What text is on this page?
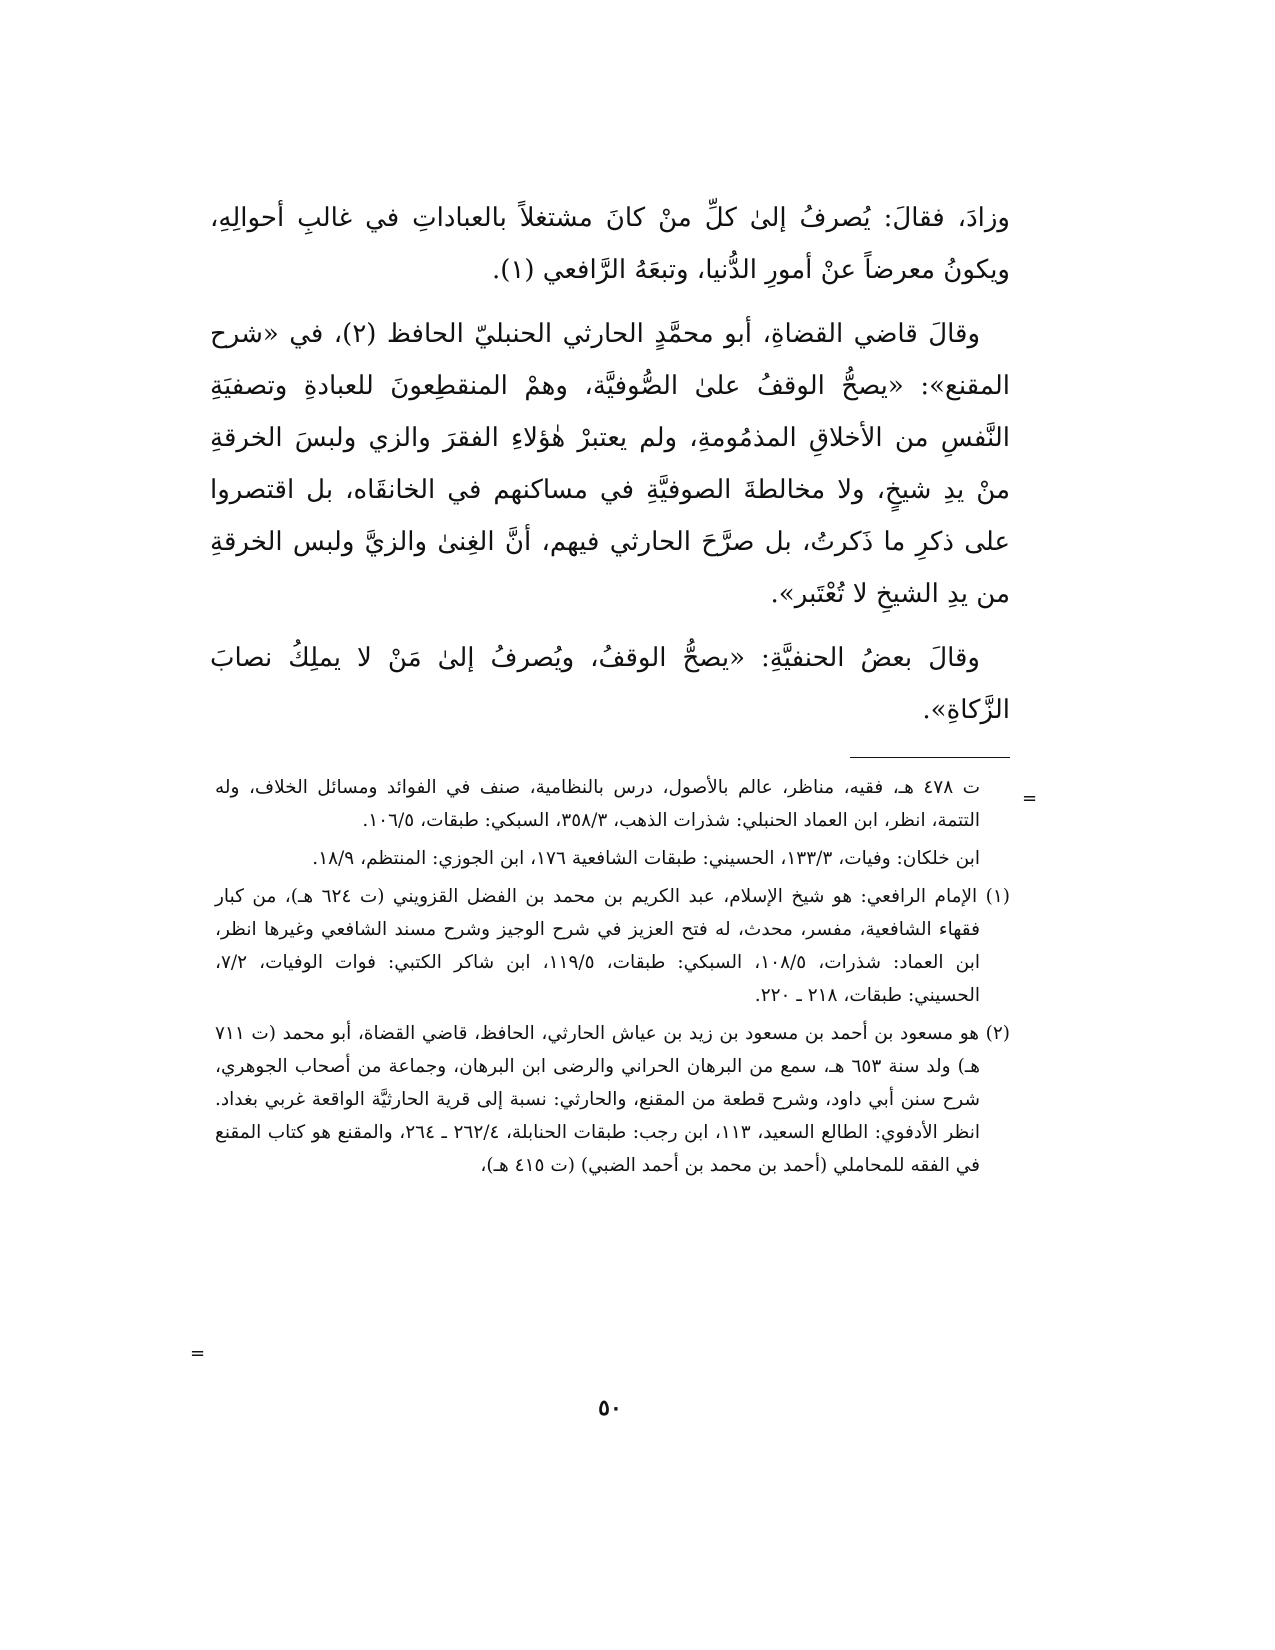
وزادَ، فقالَ: يُصرفُ إلىٰ كلِّ منْ كانَ مشتغلاً بالعباداتِ في غالبِ أحوالِهِ، ويكونُ معرضاً عنْ أمورِ الدُّنيا، وتبعَهُ الرَّافعي (١).

وقالَ قاضي القضاةِ، أبو محمَّدٍ الحارثي الحنبليّ الحافظ (٢)، في «شرح المقنع»: «يصحُّ الوقفُ علىٰ الصُّوفيَّة، وهمْ المنقطِعونَ للعبادةِ وتصفيَةِ النَّفسِ من الأخلاقِ المذمُومةِ، ولم يعتبرْ هٰؤلاءِ الفقرَ والزي ولبسَ الخرقةِ منْ يدِ شيخٍ، ولا مخالطةَ الصوفيَّةِ في مساكنهم في الخانقَاه، بل اقتصروا على ذكرِ ما ذَكرتُ، بل صرَّحَ الحارثي فيهم، أنَّ الغِنىٰ والزيَّ ولبس الخرقةِ من يدِ الشيخِ لا تُعْتَبر».

وقالَ بعضُ الحنفيَّةِ: «يصحُّ الوقفُ، ويُصرفُ إلىٰ مَنْ لا يملِكُ نصابَ الزَّكاةِ».

=

ت ٤٧٨ هـ، فقيه، مناظر، عالم بالأصول، درس بالنظامية، صنف في الفوائد ومسائل الخلاف، وله التتمة، انظر، ابن العماد الحنبلي: شذرات الذهب، ٣٥٨/٣، السبكي: طبقات، ١٠٦/٥.

ابن خلكان: وفيات، ١٣٣/٣، الحسيني: طبقات الشافعية ١٧٦، ابن الجوزي: المنتظم، ١٨/٩.

(١) الإمام الرافعي: هو شيخ الإسلام، عبد الكريم بن محمد بن الفضل القزويني (ت ٦٢٤ هـ)، من كبار فقهاء الشافعية، مفسر، محدث، له فتح العزيز في شرح الوجيز وشرح مسند الشافعي وغيرها انظر، ابن العماد: شذرات، ١٠٨/٥، السبكي: طبقات، ١١٩/٥، ابن شاكر الكتبي: فوات الوفيات، ٧/٢، الحسيني: طبقات، ٢١٨ ـ ٢٢٠.

(٢) هو مسعود بن أحمد بن مسعود بن زيد بن عياش الحارثي، الحافظ، قاضي القضاة، أبو محمد (ت ٧١١ هـ) ولد سنة ٦٥٣ هـ، سمع من البرهان الحراني والرضى ابن البرهان، وجماعة من أصحاب الجوهري، شرح سنن أبي داود، وشرح قطعة من المقنع، والحارثي: نسبة إلى قرية الحارثيَّة الواقعة غربي بغداد. انظر الأدفوي: الطالع السعيد، ١١٣، ابن رجب: طبقات الحنابلة، ٢٦٢/٤ ـ ٢٦٤، والمقنع هو كتاب المقنع في الفقه للمحاملي (أحمد بن محمد بن أحمد الضبي) (ت ٤١٥ هـ)،

=
٥٠
